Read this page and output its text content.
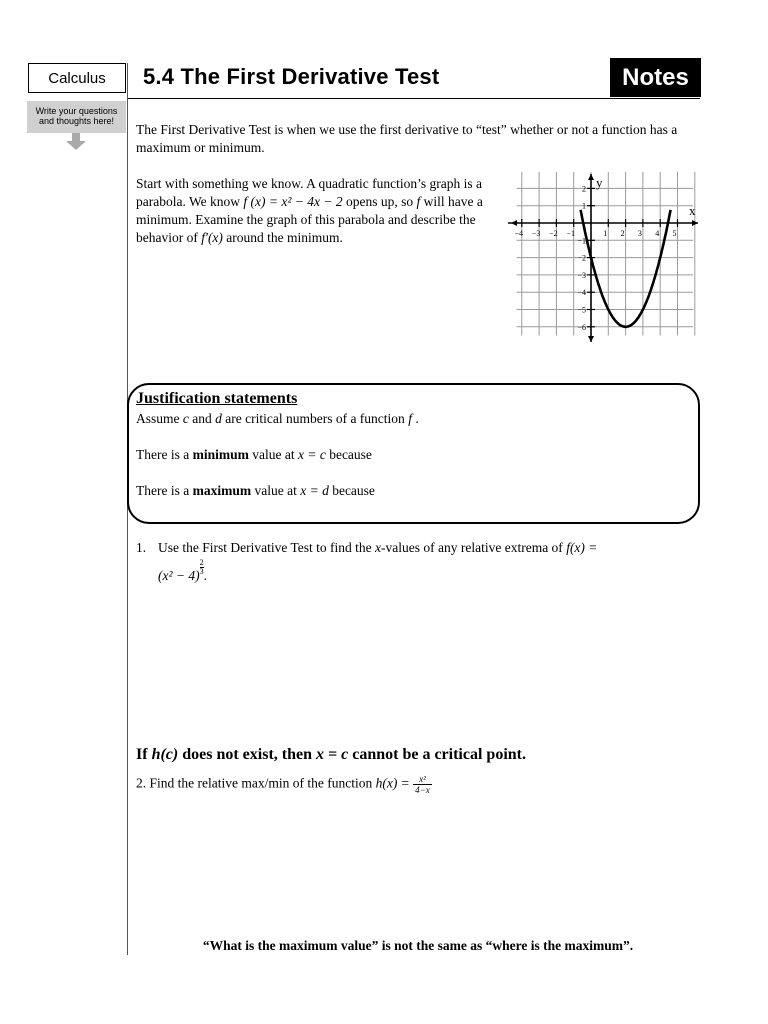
Calculus 5.4 The First Derivative Test	Notes
Write your questions
and thoughts here!
The First Derivative Test is when we use the first derivative to “test” whether or not a function has a maximum or minimum.
Start with something we know. A quadratic function’s graph is a parabola. We know f (x) = x² − 4x − 2 opens up, so f will have a minimum. Examine the graph of this parabola and describe the behavior of f′(x) around the minimum.	−4 −3 −2 −1	1 2 3 4 5
2
1
−1
−2
−3
−4
−5
−6
x
y
Justification statements
Assume c and d are critical numbers of a function f .
There is a minimum value at x = c because
There is a maximum value at x = d because
1. Use the First Derivative Test to find the x-values of any relative extrema of f(x) =
(x² − 4) $^{\frac{2}{3}}$ .
If h(c) does not exist, then x = c cannot be a critical point.
2. Find the relative max/min of the function $h(x) = \frac{\text{x²}}{4-x}$
“What is the maximum value” is not the same as “where is the maximum”.
